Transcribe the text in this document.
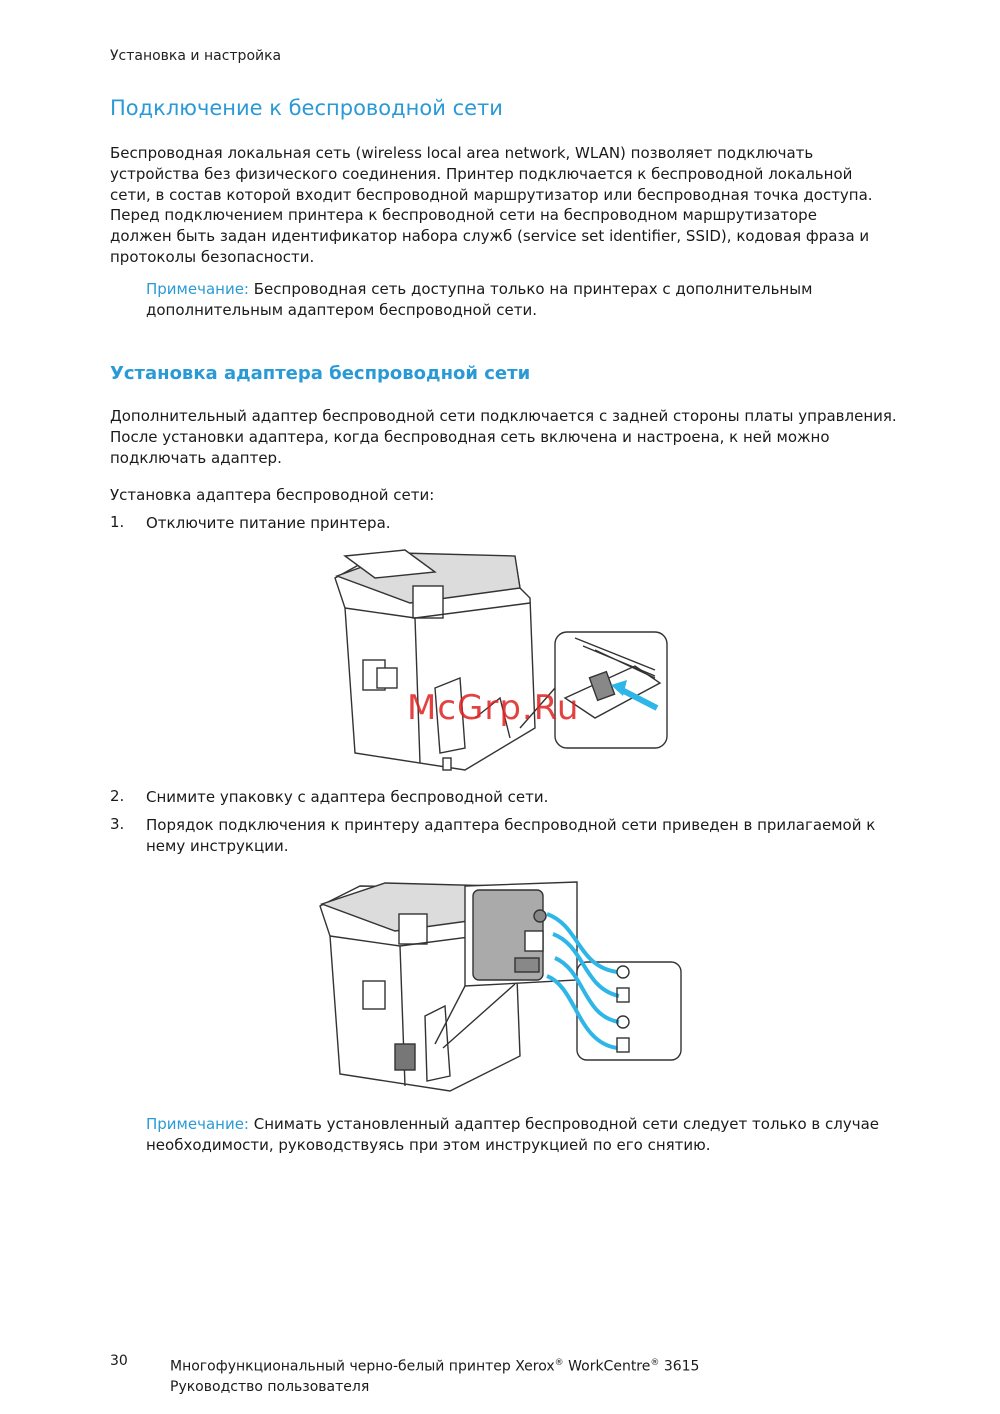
Установка и настройка
Подключение к беспроводной сети
Беспроводная локальная сеть (wireless local area network, WLAN) позволяет подключать
устройства без физического соединения. Принтер подключается к беспроводной локальной
сети, в состав которой входит беспроводной маршрутизатор или беспроводная точка доступа.
Перед подключением принтера к беспроводной сети на беспроводном маршрутизаторе
должен быть задан идентификатор набора служб (service set identifier, SSID), кодовая фраза и
протоколы безопасности.
Примечание: Беспроводная сеть доступна только на принтерах с дополнительным
дополнительным адаптером беспроводной сети.
Установка адаптера беспроводной сети
Дополнительный адаптер беспроводной сети подключается с задней стороны платы управления.
После установки адаптера, когда беспроводная сеть включена и настроена, к ней можно
подключать адаптер.
Установка адаптера беспроводной сети:
1. Отключите питание принтера.
McGrp.Ru
2. Снимите упаковку с адаптера беспроводной сети.
3. Порядок подключения к принтеру адаптера беспроводной сети приведен в прилагаемой к
нему инструкции.
Примечание: Снимать установленный адаптер беспроводной сети следует только в случае
необходимости, руководствуясь при этом инструкцией по его снятию.
30	Многофункциональный черно-белый принтер Xerox® WorkCentre® 3615
Руководство пользователя
